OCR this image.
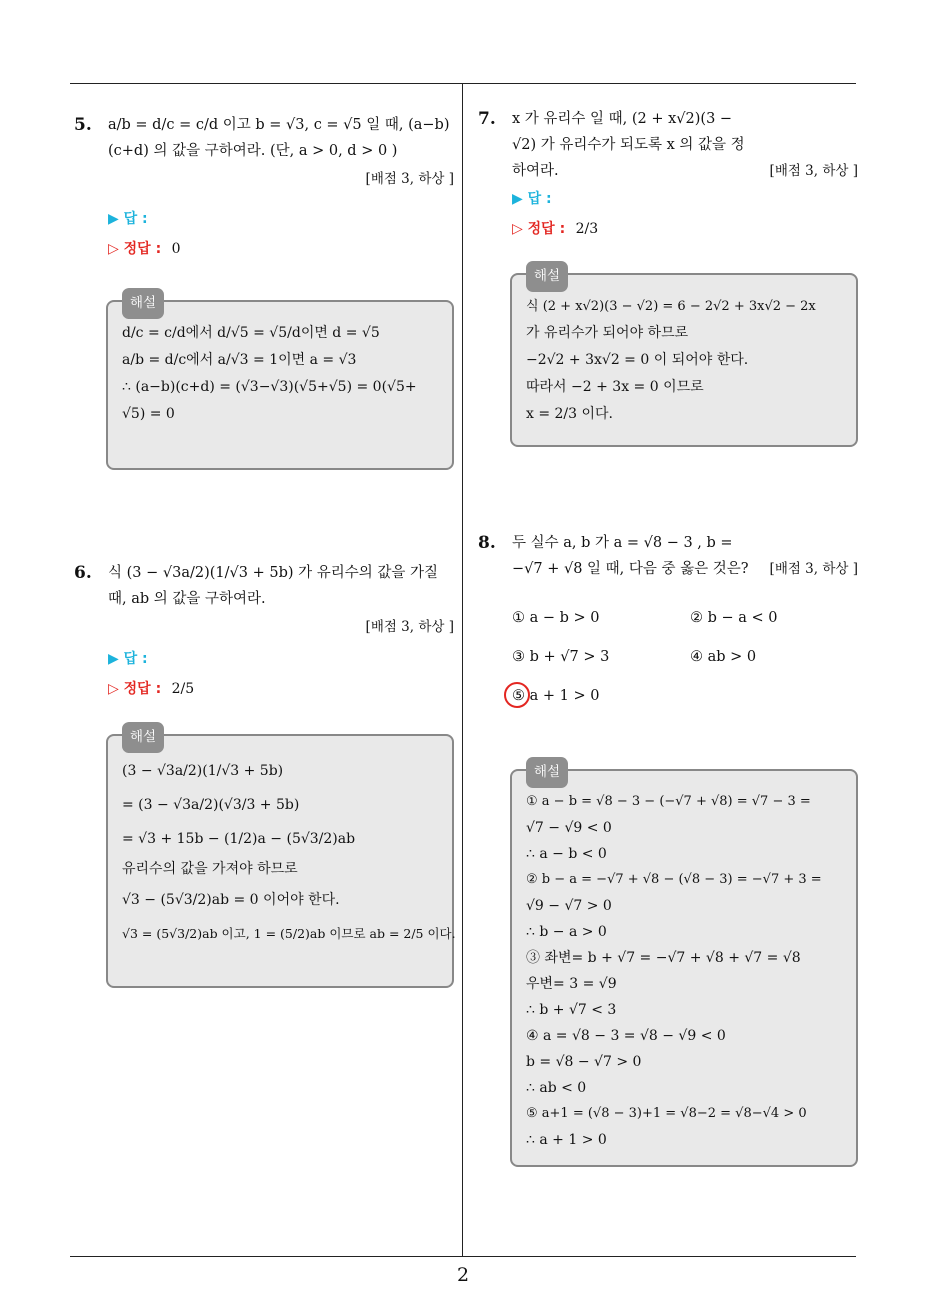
2
5. a/b = d/c = c/d 이고 b = √3, c = √5 일 때, (a−b)(c+d) 의 값을 구하여라. (단, a > 0, d > 0 )
[배점 3, 하상 ]
▶ 답 :
▷ 정답 : 0
해설
d/c = c/d에서 d/√5 = √5/d이면 d = √5
a/b = d/c에서 a/√3 = 1이면 a = √3
∴ (a−b)(c+d) = (√3−√3)(√5+√5) = 0(√5+
√5) = 0
6. 식 (3 − √3a/2)(1/√3 + 5b) 가 유리수의 값을 가질 때, ab 의 값을 구하여라.
[배점 3, 하상 ]
▶ 답 :
▷ 정답 : 2/5
해설
(3 − √3a/2)(1/√3 + 5b)
= (3 − √3a/2)(√3/3 + 5b)
= √3 + 15b − (1/2)a − (5√3/2)ab
유리수의 값을 가져야 하므로
√3 − (5√3/2)ab = 0 이어야 한다.
√3 = (5√3/2)ab 이고, 1 = (5/2)ab 이므로 ab = 2/5 이다.
7. x 가 유리수 일 때, (2 + x√2)(3 − √2) 가 유리수가 되도록 x 의 값을 정하여라.	[배점 3, 하상 ]
▶ 답 :
▷ 정답 : 2/3
해설
식 (2 + x√2)(3 − √2) = 6 − 2√2 + 3x√2 − 2x
가 유리수가 되어야 하므로
−2√2 + 3x√2 = 0 이 되어야 한다.
따라서 −2 + 3x = 0 이므로
x = 2/3 이다.
8. 두 실수 a, b 가 a = √8 − 3 , b = −√7 + √8 일 때, 다음 중 옳은 것은?	[배점 3, 하상 ]
① a − b > 0	② b − a < 0
③ b + √7 > 3	④ ab > 0
⑤ a + 1 > 0
해설
① a − b = √8 − 3 − (−√7 + √8) = √7 − 3 =
√7 − √9 < 0
∴ a − b < 0
② b − a = −√7 + √8 − (√8 − 3) = −√7 + 3 =
√9 − √7 > 0
∴ b − a > 0
③ 좌변= b + √7 = −√7 + √8 + √7 = √8
우변= 3 = √9
∴ b + √7 < 3
④ a = √8 − 3 = √8 − √9 < 0
b = √8 − √7 > 0
∴ ab < 0
⑤ a+1 = (√8 − 3)+1 = √8−2 = √8−√4 > 0
∴ a + 1 > 0
